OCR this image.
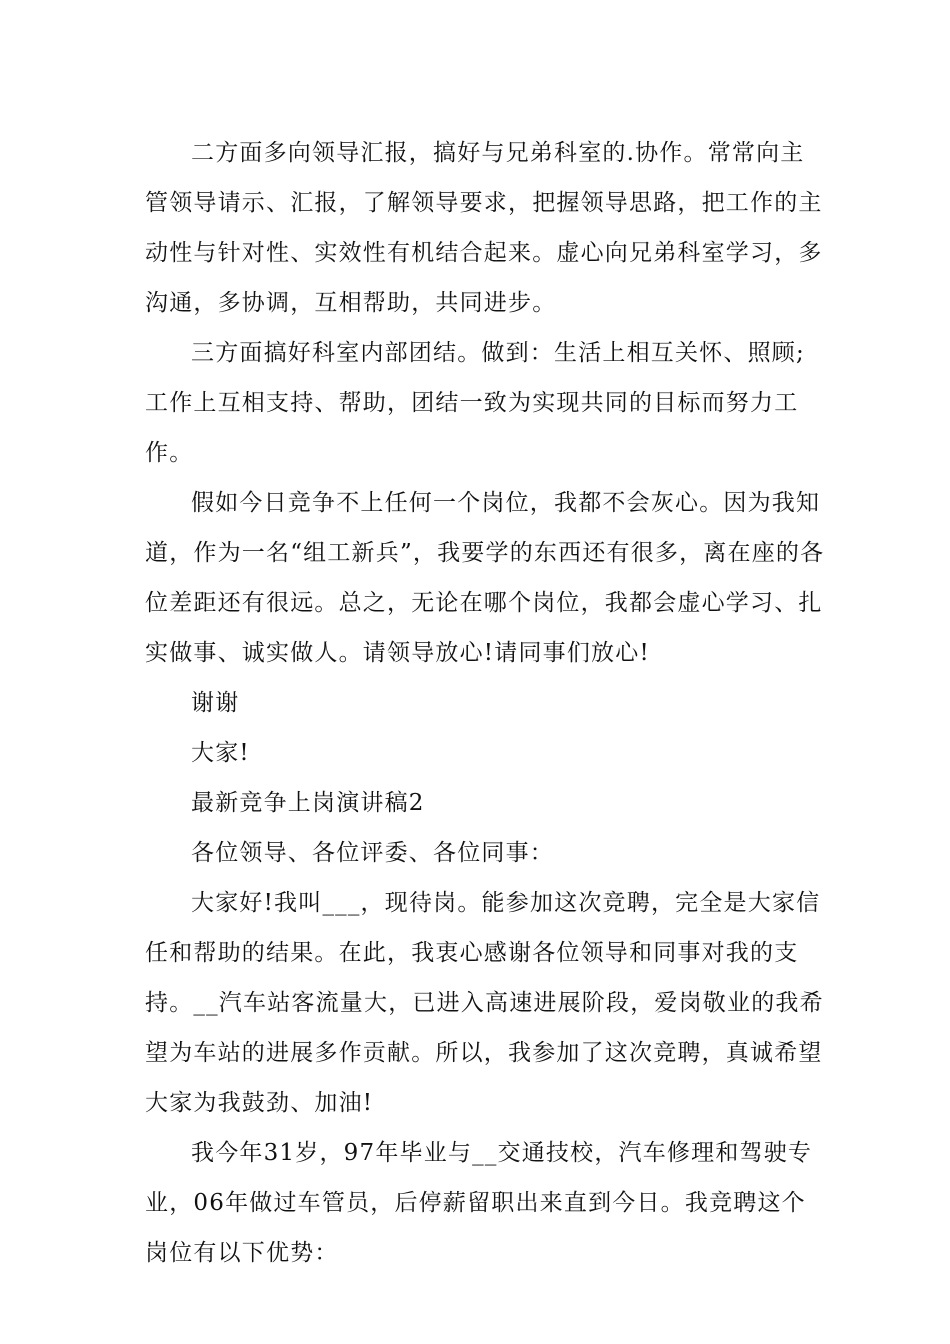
二方面多向领导汇报，搞好与兄弟科室的.协作。常常向主管领导请示、汇报，了解领导要求，把握领导思路，把工作的主动性与针对性、实效性有机结合起来。虚心向兄弟科室学习，多沟通，多协调，互相帮助，共同进步。

三方面搞好科室内部团结。做到：生活上相互关怀、照顾;工作上互相支持、帮助，团结一致为实现共同的目标而努力工作。

假如今日竞争不上任何一个岗位，我都不会灰心。因为我知道，作为一名“组工新兵”，我要学的东西还有很多，离在座的各位差距还有很远。总之，无论在哪个岗位，我都会虚心学习、扎实做事、诚实做人。请领导放心!请同事们放心!

谢谢

大家!

最新竞争上岗演讲稿2

各位领导、各位评委、各位同事：

大家好!我叫___，现待岗。能参加这次竞聘，完全是大家信任和帮助的结果。在此，我衷心感谢各位领导和同事对我的支持。__汽车站客流量大，已进入高速进展阶段，爱岗敬业的我希望为车站的进展多作贡献。所以，我参加了这次竞聘，真诚希望大家为我鼓劲、加油!

我今年31岁，97年毕业与__交通技校，汽车修理和驾驶专业，06年做过车管员，后停薪留职出来直到今日。我竞聘这个岗位有以下优势：
